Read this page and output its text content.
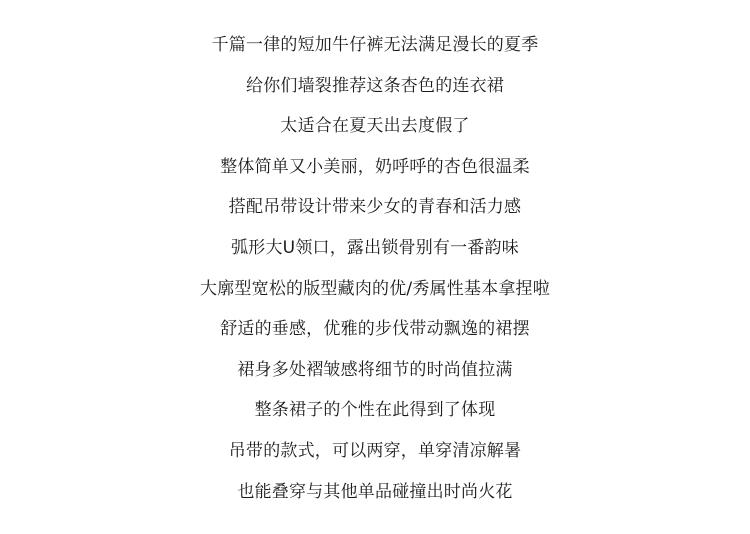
千篇一律的短加牛仔裤无法满足漫长的夏季
给你们墙裂推荐这条杏色的连衣裙
太适合在夏天出去度假了
整体简单又小美丽，奶呼呼的杏色很温柔
搭配吊带设计带来少女的青春和活力感
弧形大U领口，露出锁骨别有一番韵味
大廓型宽松的版型藏肉的优/秀属性基本拿捏啦
舒适的垂感，优雅的步伐带动飘逸的裙摆
裙身多处褶皱感将细节的时尚值拉满
整条裙子的个性在此得到了体现
吊带的款式，可以两穿，单穿清凉解暑
也能叠穿与其他单品碰撞出时尚火花
